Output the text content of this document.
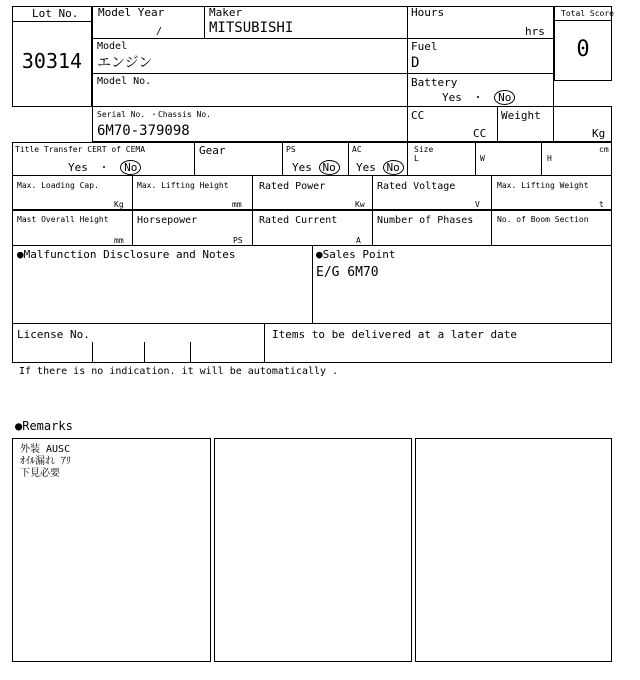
Lot No.
30314
Total Score
0
Model Year
/
Maker
MITSUBISHI
Hours
hrs
Model
エンジン
Fuel
D
Model No.	Battery
Yes ・ No
Serial No. ・Chassis No.
6M70-379098
CC
CC
Weight
Kg
Title Transfer CERT of CEMA
Yes ・ No
Gear	PS
Yes No
AC
Yes No
Size
L	W	H
cm
Max. Loading Cap.
Kg
Max. Lifting Height
mm
Rated Power
Kw
Rated Voltage
V
Max. Lifting Weight
t
Mast Overall Height
mm
Horsepower
PS
Rated Current
A
Number of Phases	No. of Boom Section
●Malfunction Disclosure and Notes	●Sales Point
E/G 6M70
License No.	Items to be delivered at a later date
If there is no indication. it will be automatically .
●Remarks
外装 AUSC
ｵｲﾙ漏れ ｱﾘ
下見必要
